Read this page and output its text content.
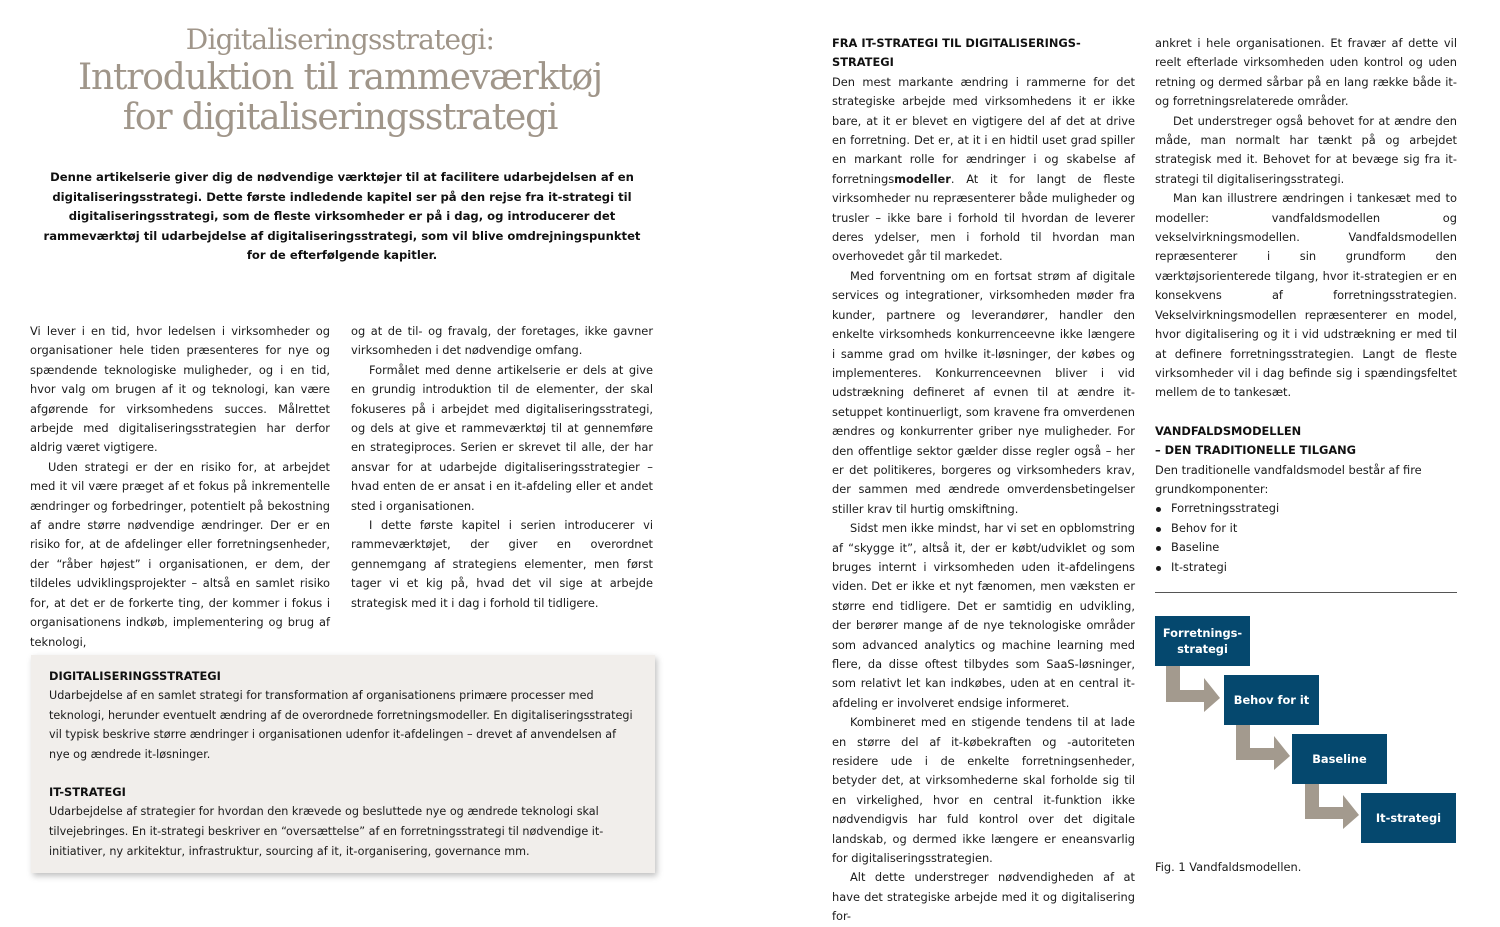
Digitaliseringsstrategi:
Introduktion til rammeværktøj
for digitaliseringsstrategi
Denne artikelserie giver dig de nødvendige værktøjer til at facilitere udarbejdelsen af en digitaliseringsstrategi. Dette første indledende kapitel ser på den rejse fra it-strategi til digitaliseringsstrategi, som de fleste virksomheder er på i dag, og introducerer det rammeværktøj til udarbejdelse af digitaliseringsstrategi, som vil blive omdrejningspunktet for de efterfølgende kapitler.

Vi lever i en tid, hvor ledelsen i virksomheder og organisationer hele tiden præsenteres for nye og spændende teknologiske muligheder, og i en tid, hvor valg om brugen af it og teknologi, kan være afgørende for virksomhedens succes. Målrettet arbejde med digitaliseringsstrategien har derfor aldrig været vigtigere.

Uden strategi er der en risiko for, at arbejdet med it vil være præget af et fokus på inkrementelle ændringer og forbedringer, potentielt på bekostning af andre større nødvendige ændringer. Der er en risiko for, at de afdelinger eller forretningsenheder, der “råber højest” i organisationen, er dem, der tildeles udviklingsprojekter – altså en samlet risiko for, at det er de forkerte ting, der kommer i fokus i organisationens indkøb, implementering og brug af teknologi,

og at de til- og fravalg, der foretages, ikke gavner virksomheden i det nødvendige omfang.

Formålet med denne artikelserie er dels at give en grundig introduktion til de elementer, der skal fokuseres på i arbejdet med digitaliseringsstrategi, og dels at give et rammeværktøj til at gennemføre en strategiproces. Serien er skrevet til alle, der har ansvar for at udarbejde digitaliseringsstrategier – hvad enten de er ansat i en it-afdeling eller et andet sted i organisationen.

I dette første kapitel i serien introducerer vi rammeværktøjet, der giver en overordnet gennemgang af strategiens elementer, men først tager vi et kig på, hvad det vil sige at arbejde strategisk med it i dag i forhold til tidligere.

DIGITALISERINGSSTRATEGI

Udarbejdelse af en samlet strategi for transformation af organisationens primære processer med teknologi, herunder eventuelt ændring af de overordnede forretningsmodeller. En digitaliseringsstrategi vil typisk beskrive større ændringer i organisationen udenfor it-afdelingen – drevet af anvendelsen af nye og ændrede it-løsninger.

IT-STRATEGI

Udarbejdelse af strategier for hvordan den krævede og besluttede nye og ændrede teknologi skal tilvejebringes. En it-strategi beskriver en “oversættelse” af en forretningsstrategi til nødvendige it-initiativer, ny arkitektur, infrastruktur, sourcing af it, it-organisering, governance mm.

FRA IT-STRATEGI TIL DIGITALISERINGS-STRATEGI

Den mest markante ændring i rammerne for det strategiske arbejde med virksomhedens it er ikke bare, at it er blevet en vigtigere del af det at drive en forretning. Det er, at it i en hidtil uset grad spiller en markant rolle for ændringer i og skabelse af forretningsmodeller. At it for langt de fleste virksomheder nu repræsenterer både muligheder og trusler – ikke bare i forhold til hvordan de leverer deres ydelser, men i forhold til hvordan man overhovedet går til markedet.

Med forventning om en fortsat strøm af digitale services og integrationer, virksomheden møder fra kunder, partnere og leverandører, handler den enkelte virksomheds konkurrenceevne ikke længere i samme grad om hvilke it-løsninger, der købes og implementeres. Konkurrenceevnen bliver i vid udstrækning defineret af evnen til at ændre it-setuppet kontinuerligt, som kravene fra omverdenen ændres og konkurrenter griber nye muligheder. For den offentlige sektor gælder disse regler også – her er det politikeres, borgeres og virksomheders krav, der sammen med ændrede omverdensbetingelser stiller krav til hurtig omskiftning.

Sidst men ikke mindst, har vi set en opblomstring af “skygge it”, altså it, der er købt/udviklet og som bruges internt i virksomheden uden it-afdelingens viden. Det er ikke et nyt fænomen, men væksten er større end tidligere. Det er samtidig en udvikling, der berører mange af de nye teknologiske områder som advanced analytics og machine learning med flere, da disse oftest tilbydes som SaaS-løsninger, som relativt let kan indkøbes, uden at en central it-afdeling er involveret endsige informeret.

Kombineret med en stigende tendens til at lade en større del af it-købekraften og -autoriteten residere ude i de enkelte forretningsenheder, betyder det, at virksomhederne skal forholde sig til en virkelighed, hvor en central it-funktion ikke nødvendigvis har fuld kontrol over det digitale landskab, og dermed ikke længere er eneansvarlig for digitaliseringsstrategien.

Alt dette understreger nødvendigheden af at have det strategiske arbejde med it og digitalisering for-

ankret i hele organisationen. Et fravær af dette vil reelt efterlade virksomheden uden kontrol og uden retning og dermed sårbar på en lang række både it- og forretningsrelaterede områder.

Det understreger også behovet for at ændre den måde, man normalt har tænkt på og arbejdet strategisk med it. Behovet for at bevæge sig fra it-strategi til digitaliseringsstrategi.

Man kan illustrere ændringen i tankesæt med to modeller: vandfaldsmodellen og vekselvirkningsmodellen. Vandfaldsmodellen repræsenterer i sin grundform den værktøjsorienterede tilgang, hvor it-strategien er en konsekvens af forretningsstrategien. Vekselvirkningsmodellen repræsenterer en model, hvor digitalisering og it i vid udstrækning er med til at definere forretningsstrategien. Langt de fleste virksomheder vil i dag befinde sig i spændingsfeltet mellem de to tankesæt.

VANDFALDSMODELLEN
– DEN TRADITIONELLE TILGANG

Den traditionelle vandfaldsmodel består af fire grundkomponenter:

Forretningsstrategi
Behov for it
Baseline
It-strategi
Forretnings-strategi
Behov for it
Baseline
It-strategi
Fig. 1 Vandfaldsmodellen.
